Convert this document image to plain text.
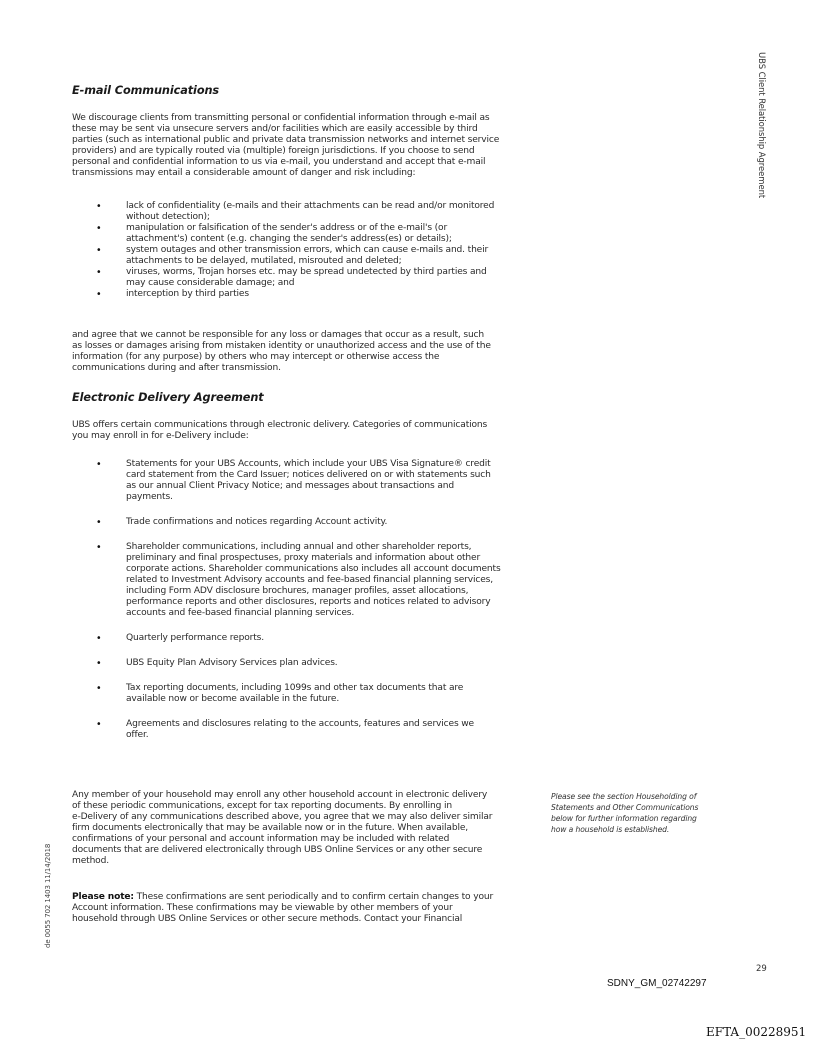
UBS Client Relationship Agreement
de 0055 702 1403 11/14/2018
E-mail Communications

We discourage clients from transmitting personal or confidential information through e-mail as
these may be sent via unsecure servers and/or facilities which are easily accessible by third
parties (such as international public and private data transmission networks and internet service
providers) and are typically routed via (multiple) foreign jurisdictions. If you choose to send
personal and confidential information to us via e-mail, you understand and accept that e-mail
transmissions may entail a considerable amount of danger and risk including:

•	lack of confidentiality (e-mails and their attachments can be read and/or monitored
without detection);
•	manipulation or falsification of the sender's address or of the e-mail's (or
attachment's) content (e.g. changing the sender's address(es) or details);
•	system outages and other transmission errors, which can cause e-mails and. their
attachments to be delayed, mutilated, misrouted and deleted;
•	viruses, worms, Trojan horses etc. may be spread undetected by third parties and
may cause considerable damage; and
•	interception by third parties

and agree that we cannot be responsible for any loss or damages that occur as a result, such
as losses or damages arising from mistaken identity or unauthorized access and the use of the
information (for any purpose) by others who may intercept or otherwise access the
communications during and after transmission.

Electronic Delivery Agreement

UBS offers certain communications through electronic delivery. Categories of communications
you may enroll in for e-Delivery include:

•	Statements for your UBS Accounts, which include your UBS Visa Signature® credit
card statement from the Card Issuer; notices delivered on or with statements such
as our annual Client Privacy Notice; and messages about transactions and
payments.
•	Trade confirmations and notices regarding Account activity.
•	Shareholder communications, including annual and other shareholder reports,
preliminary and final prospectuses, proxy materials and information about other
corporate actions. Shareholder communications also includes all account documents
related to Investment Advisory accounts and fee-based financial planning services,
including Form ADV disclosure brochures, manager profiles, asset allocations,
performance reports and other disclosures, reports and notices related to advisory
accounts and fee-based financial planning services.
•	Quarterly performance reports.
•	UBS Equity Plan Advisory Services plan advices.
•	Tax reporting documents, including 1099s and other tax documents that are
available now or become available in the future.
•	Agreements and disclosures relating to the accounts, features and services we
offer.

Any member of your household may enroll any other household account in electronic delivery
of these periodic communications, except for tax reporting documents. By enrolling in
e-Delivery of any communications described above, you agree that we may also deliver similar
firm documents electronically that may be available now or in the future. When available,
confirmations of your personal and account information may be included with related
documents that are delivered electronically through UBS Online Services or any other secure
method.

Please note: These confirmations are sent periodically and to confirm certain changes to your
Account information. These confirmations may be viewable by other members of your
household through UBS Online Services or other secure methods. Contact your Financial

Please see the section Householding of
Statements and Other Communications
below for further information regarding
how a household is established.

29
SDNY_GM_02742297
EFTA_00228951
